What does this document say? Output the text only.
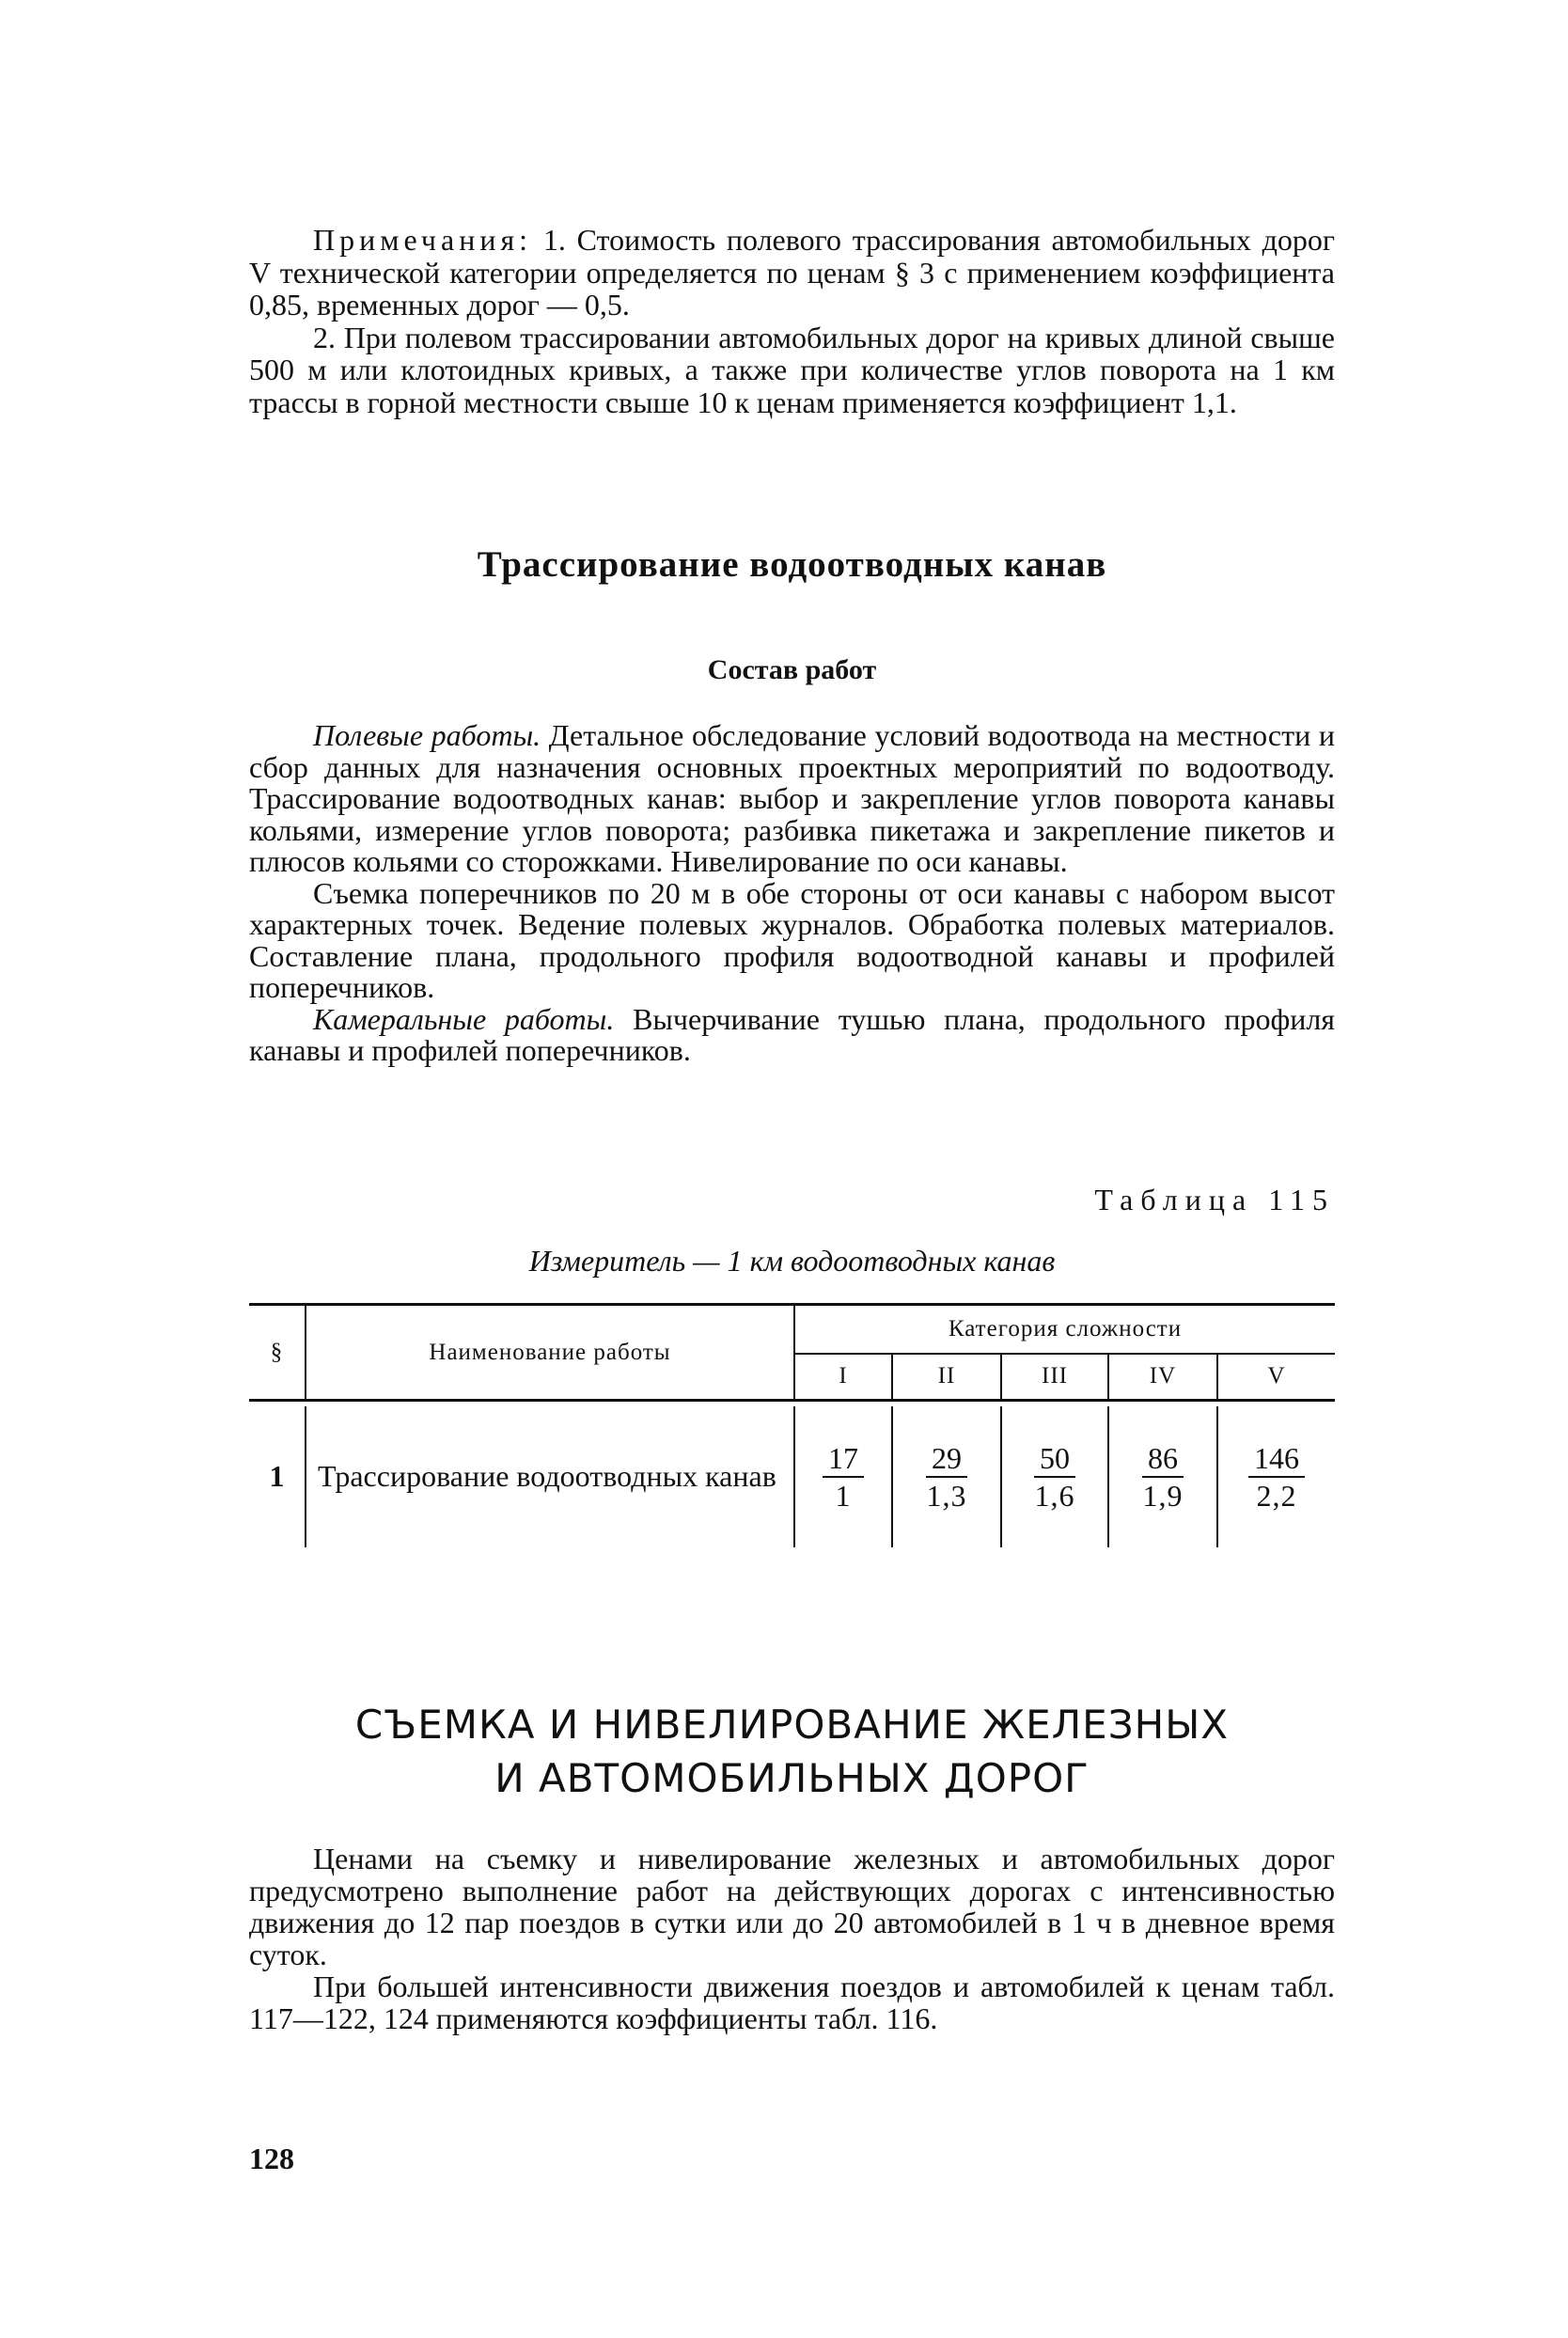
Примечания: 1. Стоимость полевого трассирования автомобильных дорог V технической категории определяется по ценам § 3 с применением коэффициента 0,85, временных дорог — 0,5.

2. При полевом трассировании автомобильных дорог на кривых длиной свыше 500 м или клотоидных кривых, а также при количестве углов поворота на 1 км трассы в горной местности свыше 10 к ценам применяется коэффициент 1,1.

Трассирование водоотводных канав
Состав работ

Полевые работы. Детальное обследование условий водоотвода на местности и сбор данных для назначения основных проектных мероприятий по водоотводу. Трассирование водоотводных канав: выбор и закрепление углов поворота канавы кольями, измерение углов поворота; разбивка пикетажа и закрепление пикетов и плюсов кольями со сторожками. Нивелирование по оси канавы.

Съемка поперечников по 20 м в обе стороны от оси канавы с набором высот характерных точек. Ведение полевых журналов. Обработка полевых материалов. Составление плана, продольного профиля водоотводной канавы и профилей поперечников.

Камеральные работы. Вычерчивание тушью плана, продольного профиля канавы и профилей поперечников.

Таблица 115
Измеритель — 1 км водоотводных канав
§	Наименование работы	Категория сложности				
		I	II	III	IV	V

1	Трассирование водоотводных канав	$\frac{17}{1}$	$\frac{29}{1,3}$	$\frac{50}{1,6}$	$\frac{86}{1,9}$	$\frac{146}{2,2}$
СЪЕМКА И НИВЕЛИРОВАНИЕ ЖЕЛЕЗНЫХ
И АВТОМОБИЛЬНЫХ ДОРОГ

Ценами на съемку и нивелирование железных и автомобильных дорог предусмотрено выполнение работ на действующих дорогах с интенсивностью движения до 12 пар поездов в сутки или до 20 автомобилей в 1 ч в дневное время суток.

При большей интенсивности движения поездов и автомобилей к ценам табл. 117—122, 124 применяются коэффициенты табл. 116.

128
